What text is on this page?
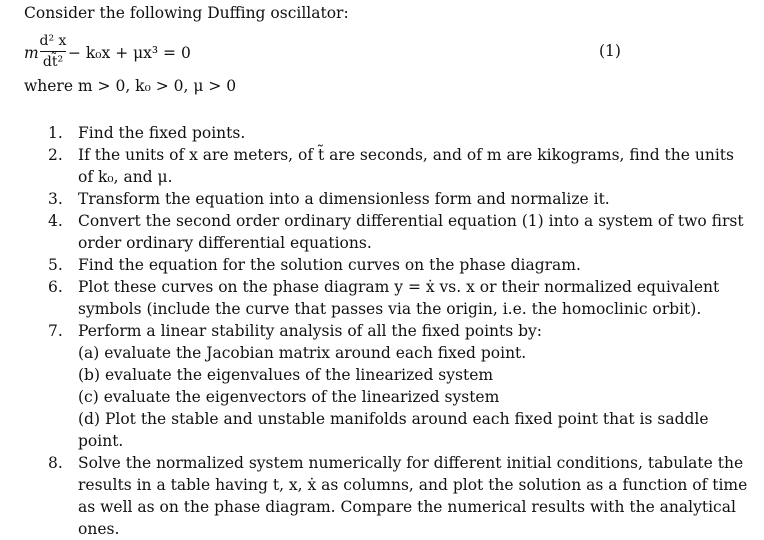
Consider the following Duffing oscillator:
m
d² x
dt̃² − k₀x + μx³ = 0	(1)
where m > 0, k₀ > 0, μ > 0
1. Find the fixed points.
2. If the units of x are meters, of t̃ are seconds, and of m are kikograms, find the units of k₀, and μ.
3. Transform the equation into a dimensionless form and normalize it.
4. Convert the second order ordinary differential equation (1) into a system of two first order ordinary differential equations.
5. Find the equation for the solution curves on the phase diagram.
6. Plot these curves on the phase diagram y = ẋ vs. x or their normalized equivalent symbols (include the curve that passes via the origin, i.e. the homoclinic orbit).
7. Perform a linear stability analysis of all the fixed points by:
(a) evaluate the Jacobian matrix around each fixed point.
(b) evaluate the eigenvalues of the linearized system
(c) evaluate the eigenvectors of the linearized system
(d) Plot the stable and unstable manifolds around each fixed point that is saddle point.
8. Solve the normalized system numerically for different initial conditions, tabulate the results in a table having t, x, ẋ as columns, and plot the solution as a function of time as well as on the phase diagram. Compare the numerical results with the analytical ones.
